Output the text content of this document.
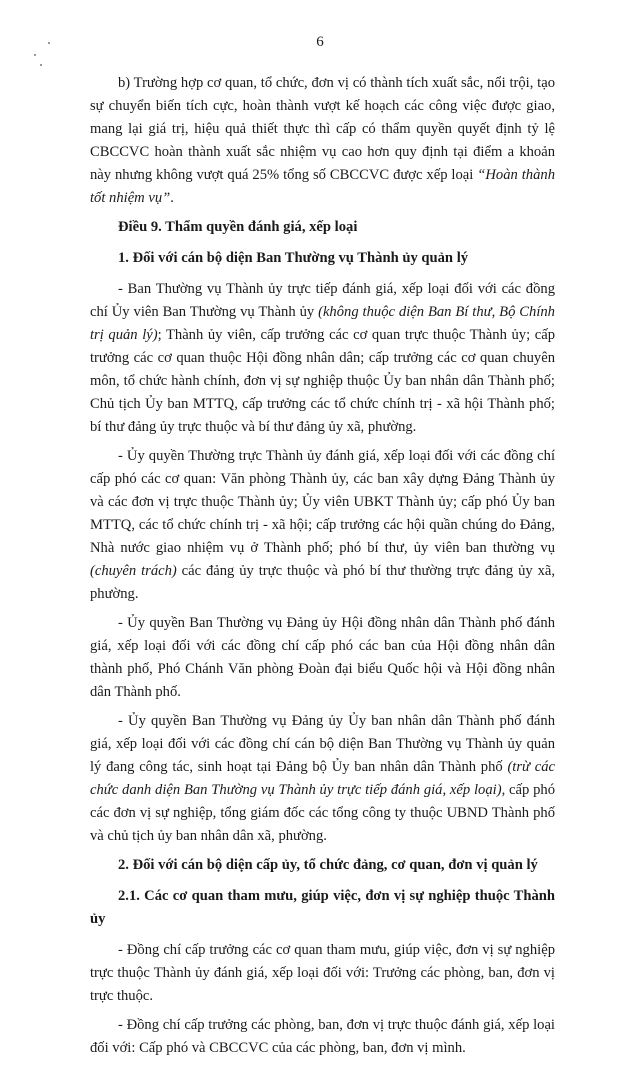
6

b) Trường hợp cơ quan, tổ chức, đơn vị có thành tích xuất sắc, nổi trội, tạo sự chuyển biến tích cực, hoàn thành vượt kế hoạch các công việc được giao, mang lại giá trị, hiệu quả thiết thực thì cấp có thẩm quyền quyết định tỷ lệ CBCCVC hoàn thành xuất sắc nhiệm vụ cao hơn quy định tại điểm a khoản này nhưng không vượt quá 25% tổng số CBCCVC được xếp loại “Hoàn thành tốt nhiệm vụ”.

Điều 9. Thẩm quyền đánh giá, xếp loại

1. Đối với cán bộ diện Ban Thường vụ Thành ủy quản lý

- Ban Thường vụ Thành ủy trực tiếp đánh giá, xếp loại đối với các đồng chí Ủy viên Ban Thường vụ Thành ủy (không thuộc diện Ban Bí thư, Bộ Chính trị quản lý); Thành ủy viên, cấp trưởng các cơ quan trực thuộc Thành ủy; cấp trưởng các cơ quan thuộc Hội đồng nhân dân; cấp trưởng các cơ quan chuyên môn, tổ chức hành chính, đơn vị sự nghiệp thuộc Ủy ban nhân dân Thành phố; Chủ tịch Ủy ban MTTQ, cấp trưởng các tổ chức chính trị - xã hội Thành phố; bí thư đảng ủy trực thuộc và bí thư đảng ủy xã, phường.

- Ủy quyền Thường trực Thành ủy đánh giá, xếp loại đối với các đồng chí cấp phó các cơ quan: Văn phòng Thành ủy, các ban xây dựng Đảng Thành ủy và các đơn vị trực thuộc Thành ủy; Ủy viên UBKT Thành ủy; cấp phó Ủy ban MTTQ, các tổ chức chính trị - xã hội; cấp trưởng các hội quần chúng do Đảng, Nhà nước giao nhiệm vụ ở Thành phố; phó bí thư, ủy viên ban thường vụ (chuyên trách) các đảng ủy trực thuộc và phó bí thư thường trực đảng ủy xã, phường.

- Ủy quyền Ban Thường vụ Đảng ủy Hội đồng nhân dân Thành phố đánh giá, xếp loại đối với các đồng chí cấp phó các ban của Hội đồng nhân dân thành phố, Phó Chánh Văn phòng Đoàn đại biểu Quốc hội và Hội đồng nhân dân Thành phố.

- Ủy quyền Ban Thường vụ Đảng ủy Ủy ban nhân dân Thành phố đánh giá, xếp loại đối với các đồng chí cán bộ diện Ban Thường vụ Thành ủy quản lý đang công tác, sinh hoạt tại Đảng bộ Ủy ban nhân dân Thành phố (trừ các chức danh diện Ban Thường vụ Thành ủy trực tiếp đánh giá, xếp loại), cấp phó các đơn vị sự nghiệp, tổng giám đốc các tổng công ty thuộc UBND Thành phố và chủ tịch ủy ban nhân dân xã, phường.

2. Đối với cán bộ diện cấp ủy, tổ chức đảng, cơ quan, đơn vị quản lý

2.1. Các cơ quan tham mưu, giúp việc, đơn vị sự nghiệp thuộc Thành ủy

- Đồng chí cấp trưởng các cơ quan tham mưu, giúp việc, đơn vị sự nghiệp trực thuộc Thành ủy đánh giá, xếp loại đối với: Trưởng các phòng, ban, đơn vị trực thuộc.

- Đồng chí cấp trưởng các phòng, ban, đơn vị trực thuộc đánh giá, xếp loại đối với: Cấp phó và CBCCVC của các phòng, ban, đơn vị mình.
